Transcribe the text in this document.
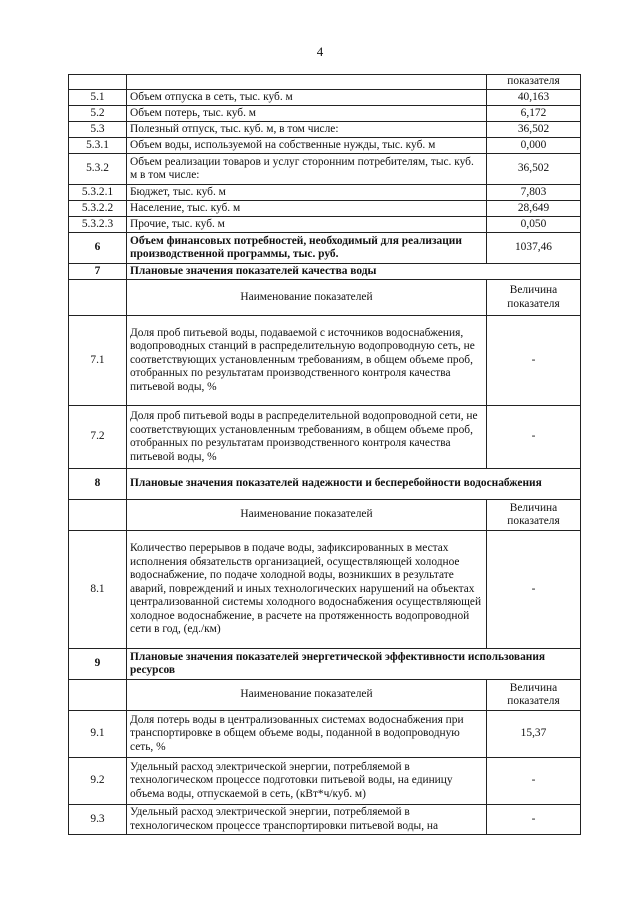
4
		показателя
5.1	Объем отпуска в сеть, тыс. куб. м	40,163
5.2	Объем потерь, тыс. куб. м	6,172
5.3	Полезный отпуск, тыс. куб. м, в том числе:	36,502
5.3.1	Объем воды, используемой на собственные нужды, тыс. куб. м	0,000
5.3.2	Объем реализации товаров и услуг сторонним потребителям, тыс. куб. м в том числе:	36,502
5.3.2.1	Бюджет, тыс. куб. м	7,803
5.3.2.2	Население, тыс. куб. м	28,649
5.3.2.3	Прочие, тыс. куб. м	0,050
6	Объем финансовых потребностей, необходимый для реализации производственной программы, тыс. руб.	1037,46
7	Плановые значения показателей качества воды	
	Наименование показателей	Величина показателя
7.1	Доля проб питьевой воды, подаваемой с источников водоснабжения, водопроводных станций в распределительную водопроводную сеть, не соответствующих установленным требованиям, в общем объеме проб, отобранных по результатам производственного контроля качества питьевой воды, %	-
7.2	Доля проб питьевой воды в распределительной водопроводной сети, не соответствующих установленным требованиям, в общем объеме проб, отобранных по результатам производственного контроля качества питьевой воды, %	-
8	Плановые значения показателей надежности и бесперебойности водоснабжения	
	Наименование показателей	Величина показателя
8.1	Количество перерывов в подаче воды, зафиксированных в местах исполнения обязательств организацией, осуществляющей холодное водоснабжение, по подаче холодной воды, возникших в результате аварий, повреждений и иных технологических нарушений на объектах централизованной системы холодного водоснабжения осуществляющей холодное водоснабжение, в расчете на протяженность водопроводной сети в год, (ед./км)	-
9	Плановые значения показателей энергетической эффективности использования ресурсов	
	Наименование показателей	Величина показателя
9.1	Доля потерь воды в централизованных системах водоснабжения при транспортировке в общем объеме воды, поданной в водопроводную сеть, %	15,37
9.2	Удельный расход электрической энергии, потребляемой в технологическом процессе подготовки питьевой воды, на единицу объема воды, отпускаемой в сеть, (кВт*ч/куб. м)	-
9.3	Удельный расход электрической энергии, потребляемой в технологическом процессе транспортировки питьевой воды, на	-
